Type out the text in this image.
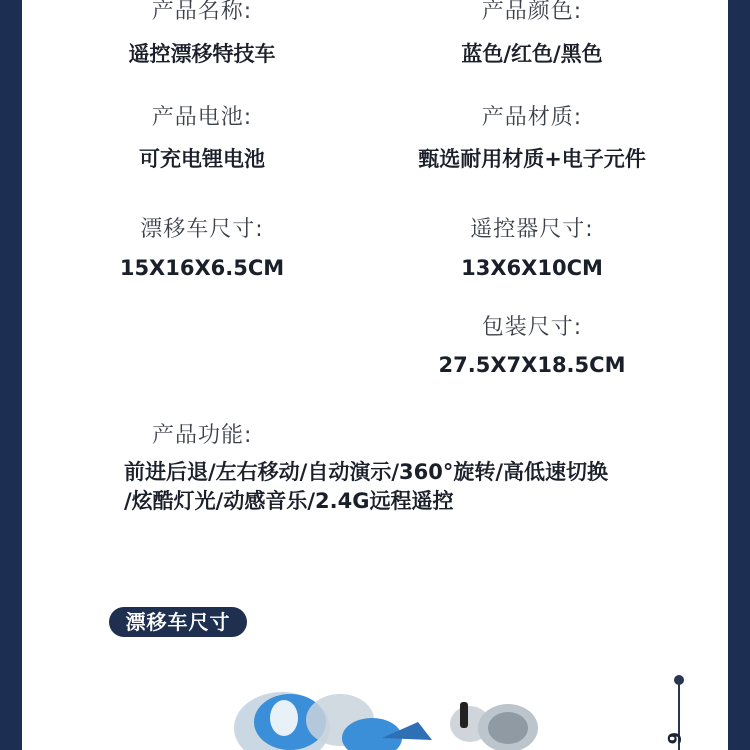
产品名称:
遥控漂移特技车
产品颜色:
蓝色/红色/黑色
产品电池:
可充电锂电池
产品材质:
甄选耐用材质+电子元件
漂移车尺寸:
15X16X6.5CM
遥控器尺寸:
13X6X10CM
包装尺寸:
27.5X7X18.5CM
产品功能:
前进后退/左右移动/自动演示/360°旋转/高低速切换
/炫酷灯光/动感音乐/2.4G远程遥控
漂移车尺寸
6
